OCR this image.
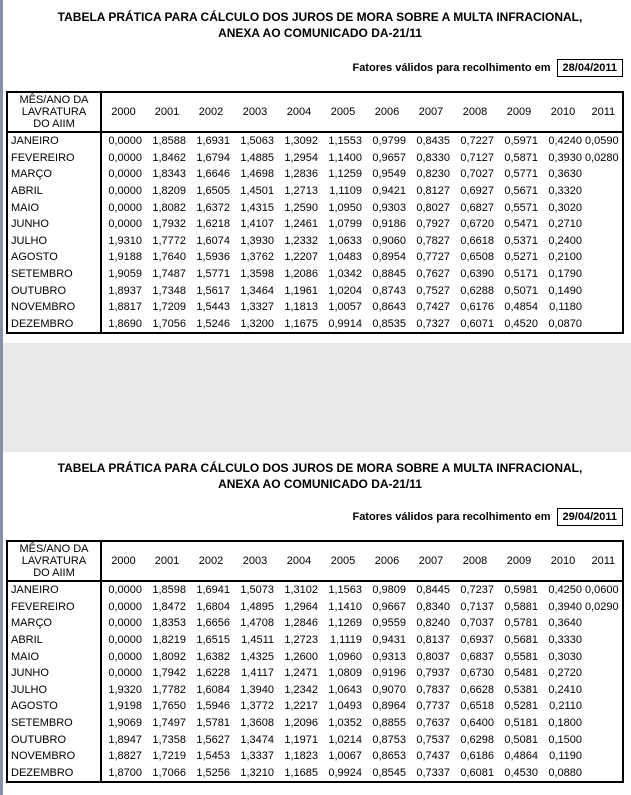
TABELA PRÁTICA PARA CÁLCULO DOS JUROS DE MORA SOBRE A MULTA INFRACIONAL,

ANEXA AO COMUNICADO DA-21/11

Fatores válidos para recolhimento em	28/04/2011
MÊS/ANO DA
LAVRATURA
DO AIIM	2000	2001	2002	2003	2004	2005	2006	2007	2008	2009	2010	2011
JANEIRO	0,0000	1,8588	1,6931	1,5063	1,3092	1,1553	0,9799	0,8435	0,7227	0,5971	0,4240	0,0590
FEVEREIRO	0,0000	1,8462	1,6794	1,4885	1,2954	1,1400	0,9657	0,8330	0,7127	0,5871	0,3930	0,0280
MARÇO	0,0000	1,8343	1,6646	1,4698	1,2836	1,1259	0,9549	0,8230	0,7027	0,5771	0,3630	
ABRIL	0,0000	1,8209	1,6505	1,4501	1,2713	1,1109	0,9421	0,8127	0,6927	0,5671	0,3320	
MAIO	0,0000	1,8082	1,6372	1,4315	1,2590	1,0950	0,9303	0,8027	0,6827	0,5571	0,3020	
JUNHO	0,0000	1,7932	1,6218	1,4107	1,2461	1,0799	0,9186	0,7927	0,6720	0,5471	0,2710	
JULHO	1,9310	1,7772	1,6074	1,3930	1,2332	1,0633	0,9060	0,7827	0,6618	0,5371	0,2400	
AGOSTO	1,9188	1,7640	1,5936	1,3762	1,2207	1,0483	0,8954	0,7727	0,6508	0,5271	0,2100	
SETEMBRO	1,9059	1,7487	1,5771	1,3598	1,2086	1,0342	0,8845	0,7627	0,6390	0,5171	0,1790	
OUTUBRO	1,8937	1,7348	1,5617	1,3464	1,1961	1,0204	0,8743	0,7527	0,6288	0,5071	0,1490	
NOVEMBRO	1,8817	1,7209	1,5443	1,3327	1,1813	1,0057	0,8643	0,7427	0,6176	0,4854	0,1180	
DEZEMBRO	1,8690	1,7056	1,5246	1,3200	1,1675	0,9914	0,8535	0,7327	0,6071	0,4520	0,0870	

TABELA PRÁTICA PARA CÁLCULO DOS JUROS DE MORA SOBRE A MULTA INFRACIONAL,

ANEXA AO COMUNICADO DA-21/11

Fatores válidos para recolhimento em	29/04/2011
MÊS/ANO DA
LAVRATURA
DO AIIM	2000	2001	2002	2003	2004	2005	2006	2007	2008	2009	2010	2011
JANEIRO	0,0000	1,8598	1,6941	1,5073	1,3102	1,1563	0,9809	0,8445	0,7237	0,5981	0,4250	0,0600
FEVEREIRO	0,0000	1,8472	1,6804	1,4895	1,2964	1,1410	0,9667	0,8340	0,7137	0,5881	0,3940	0,0290
MARÇO	0,0000	1,8353	1,6656	1,4708	1,2846	1,1269	0,9559	0,8240	0,7037	0,5781	0,3640	
ABRIL	0,0000	1,8219	1,6515	1,4511	1,2723	1,1119	0,9431	0,8137	0,6937	0,5681	0,3330	
MAIO	0,0000	1,8092	1,6382	1,4325	1,2600	1,0960	0,9313	0,8037	0,6837	0,5581	0,3030	
JUNHO	0,0000	1,7942	1,6228	1,4117	1,2471	1,0809	0,9196	0,7937	0,6730	0,5481	0,2720	
JULHO	1,9320	1,7782	1,6084	1,3940	1,2342	1,0643	0,9070	0,7837	0,6628	0,5381	0,2410	
AGOSTO	1,9198	1,7650	1,5946	1,3772	1,2217	1,0493	0,8964	0,7737	0,6518	0,5281	0,2110	
SETEMBRO	1,9069	1,7497	1,5781	1,3608	1,2096	1,0352	0,8855	0,7637	0,6400	0,5181	0,1800	
OUTUBRO	1,8947	1,7358	1,5627	1,3474	1,1971	1,0214	0,8753	0,7537	0,6298	0,5081	0,1500	
NOVEMBRO	1,8827	1,7219	1,5453	1,3337	1,1823	1,0067	0,8653	0,7437	0,6186	0,4864	0,1190	
DEZEMBRO	1,8700	1,7066	1,5256	1,3210	1,1685	0,9924	0,8545	0,7337	0,6081	0,4530	0,0880	
